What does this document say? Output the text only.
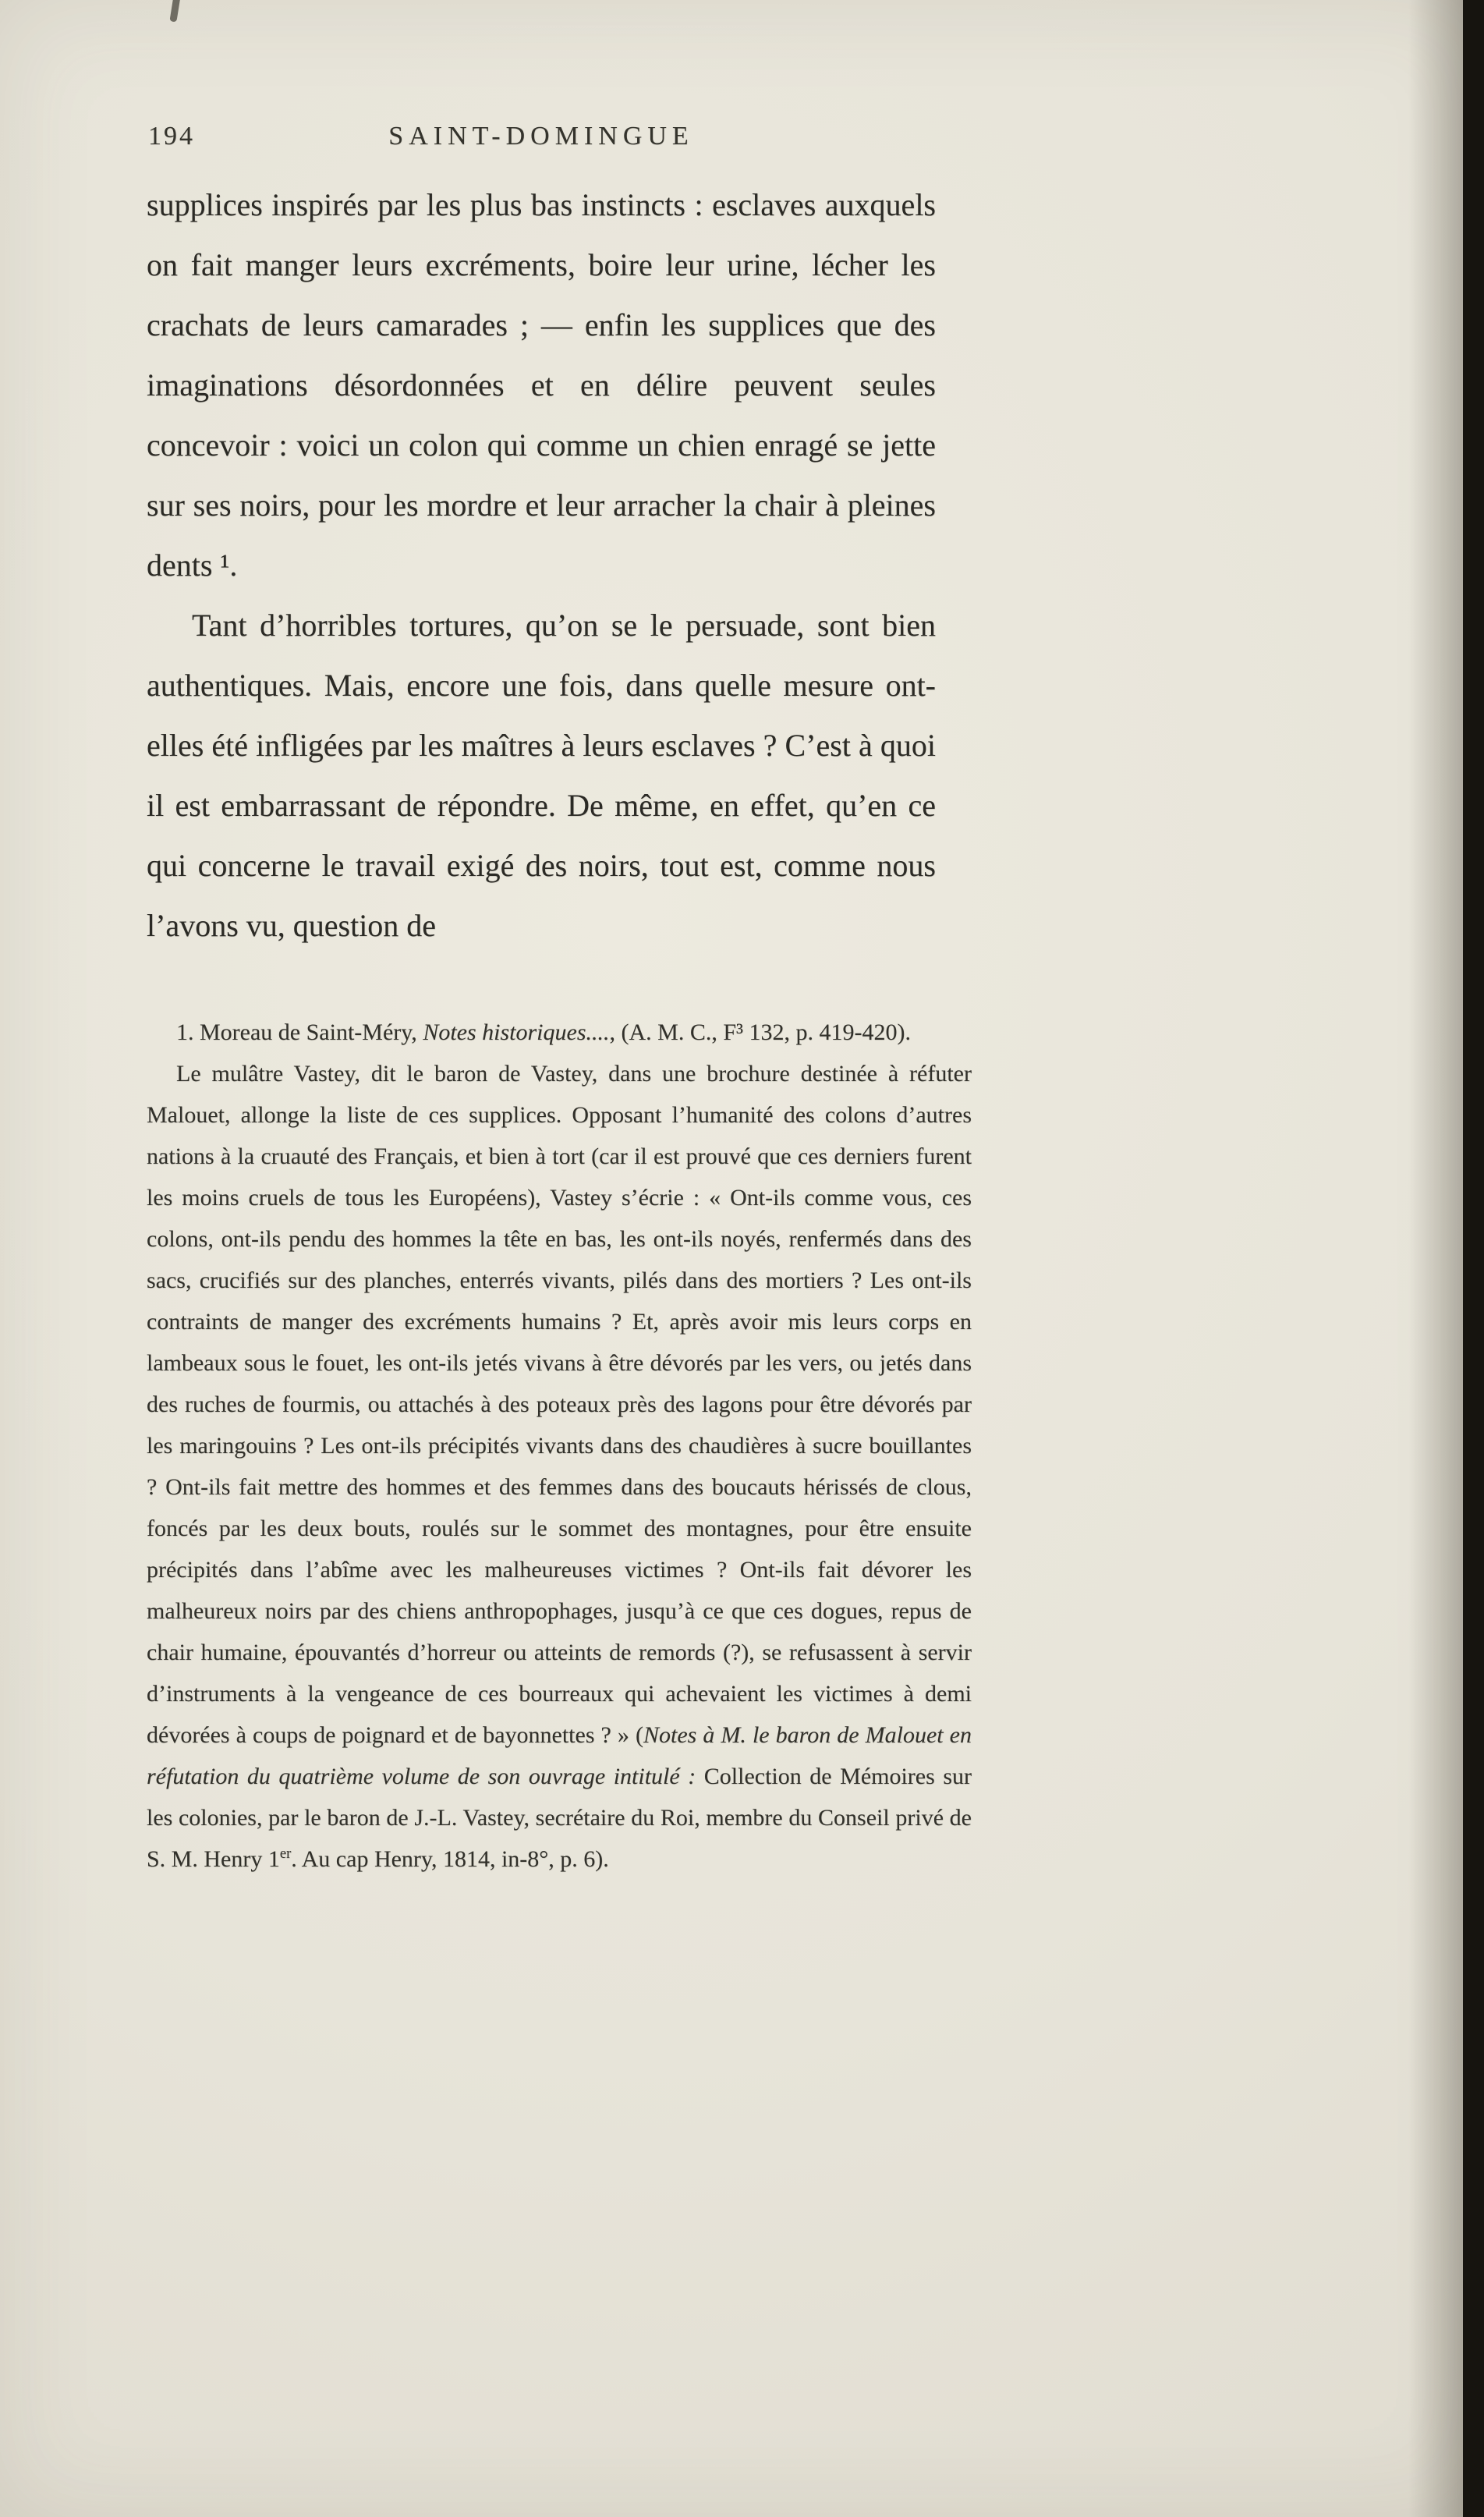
194	SAINT-DOMINGUE

supplices inspirés par les plus bas instincts : esclaves auxquels on fait manger leurs excréments, boire leur urine, lécher les crachats de leurs camarades ; — enfin les supplices que des imaginations désordonnées et en délire peuvent seules concevoir : voici un colon qui comme un chien enragé se jette sur ses noirs, pour les mordre et leur arracher la chair à pleines dents ¹.

Tant d’horribles tortures, qu’on se le persuade, sont bien authentiques. Mais, encore une fois, dans quelle mesure ont-elles été infligées par les maîtres à leurs esclaves ? C’est à quoi il est embarrassant de répondre. De même, en effet, qu’en ce qui concerne le travail exigé des noirs, tout est, comme nous l’avons vu, question de

1. Moreau de Saint-Méry, Notes historiques...., (A. M. C., F³ 132, p. 419-420).

Le mulâtre Vastey, dit le baron de Vastey, dans une brochure destinée à réfuter Malouet, allonge la liste de ces supplices. Opposant l’humanité des colons d’autres nations à la cruauté des Français, et bien à tort (car il est prouvé que ces derniers furent les moins cruels de tous les Européens), Vastey s’écrie : « Ont-ils comme vous, ces colons, ont-ils pendu des hommes la tête en bas, les ont-ils noyés, renfermés dans des sacs, crucifiés sur des planches, enterrés vivants, pilés dans des mortiers ? Les ont-ils contraints de manger des excréments humains ? Et, après avoir mis leurs corps en lambeaux sous le fouet, les ont-ils jetés vivans à être dévorés par les vers, ou jetés dans des ruches de fourmis, ou attachés à des poteaux près des lagons pour être dévorés par les maringouins ? Les ont-ils précipités vivants dans des chaudières à sucre bouillantes ? Ont-ils fait mettre des hommes et des femmes dans des boucauts hérissés de clous, foncés par les deux bouts, roulés sur le sommet des montagnes, pour être ensuite précipités dans l’abîme avec les malheureuses victimes ? Ont-ils fait dévorer les malheureux noirs par des chiens anthropophages, jusqu’à ce que ces dogues, repus de chair humaine, épouvantés d’horreur ou atteints de remords (?), se refusassent à servir d’instruments à la vengeance de ces bourreaux qui achevaient les victimes à demi dévorées à coups de poignard et de bayonnettes ? » (Notes à M. le baron de Malouet en réfutation du quatrième volume de son ouvrage intitulé : Collection de Mémoires sur les colonies, par le baron de J.-L. Vastey, secrétaire du Roi, membre du Conseil privé de S. M. Henry 1er. Au cap Henry, 1814, in-8°, p. 6).
